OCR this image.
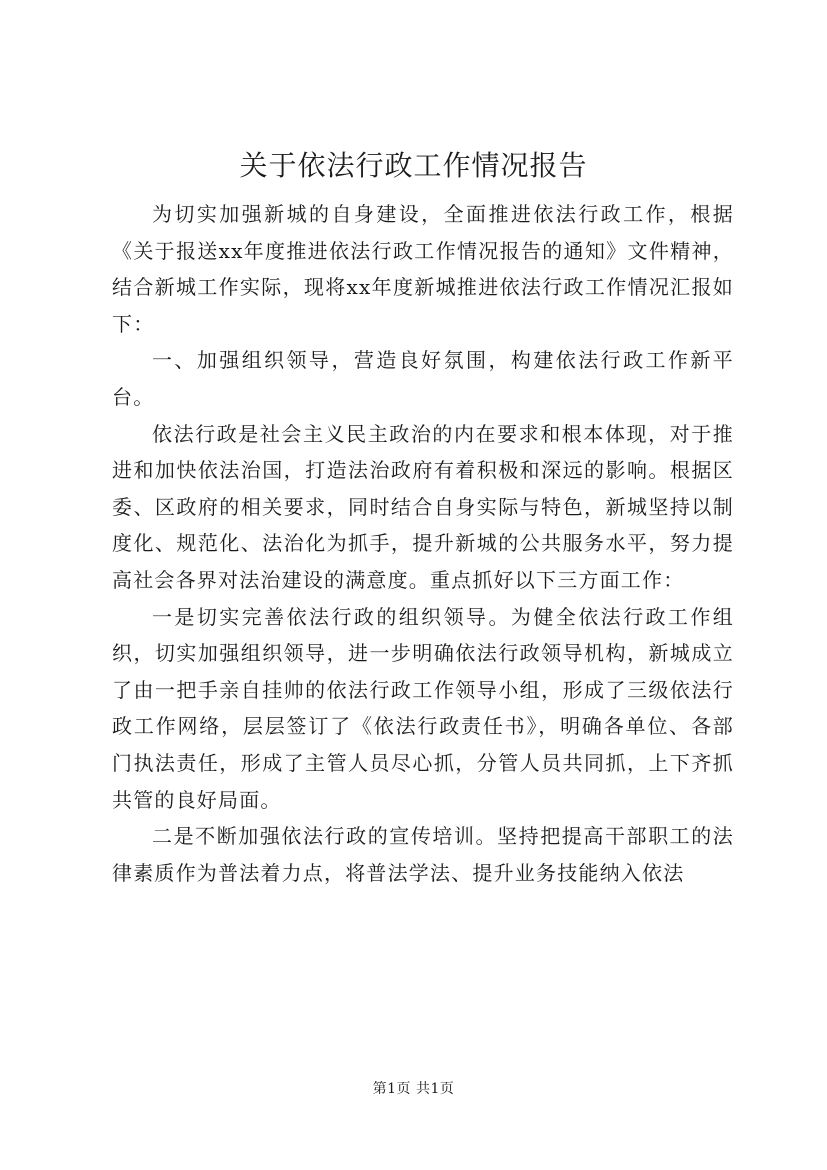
关于依法行政工作情况报告

为切实加强新城的自身建设，全面推进依法行政工作，根据《关于报送xx年度推进依法行政工作情况报告的通知》文件精神，结合新城工作实际，现将xx年度新城推进依法行政工作情况汇报如下：

一、加强组织领导，营造良好氛围，构建依法行政工作新平台。

依法行政是社会主义民主政治的内在要求和根本体现，对于推进和加快依法治国，打造法治政府有着积极和深远的影响。根据区委、区政府的相关要求，同时结合自身实际与特色，新城坚持以制度化、规范化、法治化为抓手，提升新城的公共服务水平，努力提高社会各界对法治建设的满意度。重点抓好以下三方面工作：

一是切实完善依法行政的组织领导。为健全依法行政工作组织，切实加强组织领导，进一步明确依法行政领导机构，新城成立了由一把手亲自挂帅的依法行政工作领导小组，形成了三级依法行政工作网络，层层签订了《依法行政责任书》，明确各单位、各部门执法责任，形成了主管人员尽心抓，分管人员共同抓，上下齐抓共管的良好局面。

二是不断加强依法行政的宣传培训。坚持把提高干部职工的法律素质作为普法着力点，将普法学法、提升业务技能纳入依法

第1页 共1页
